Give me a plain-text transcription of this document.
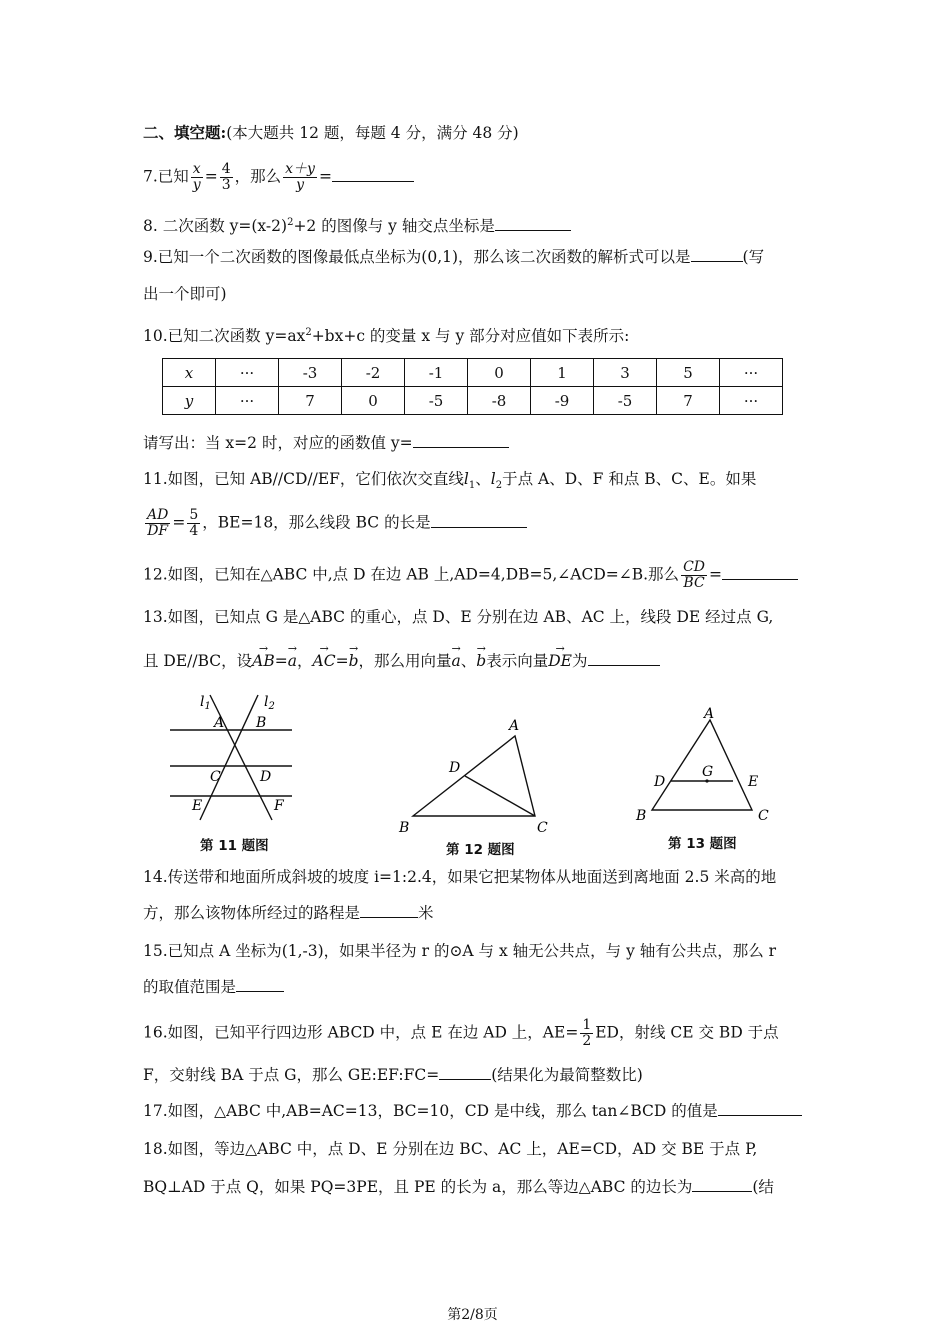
二、填空题:(本大题共 12 题，每题 4 分，满分 48 分)
7.已知 $\frac{x}{y} = \frac{4}{3}$ ，那么 $\frac{x+y}{y}$ =
8. 二次函数 $y=(x-2)^2+2$ 的图像与 y 轴交点坐标是
9.已知一个二次函数的图像最低点坐标为(0,1)，那么该二次函数的解析式可以是	(写
出一个即可)
10.已知二次函数 $y=ax^2+bx+c$ 的变量 x 与 y 部分对应值如下表所示:
x	···	-3	-2	-1	0	1	3	5	···
y	···	7	0	-5	-8	-9	-5	7	···
请写出：当 x=2 时，对应的函数值 y=
11.如图，已知 AB//CD//EF，它们依次交直线$l_1$、$l_2$于点 A、D、F 和点 B、C、E。如果
$\frac{AD}{DF} = \frac{5}{4}$ ，BE=18，那么线段 BC 的长是
12.如图，已知在△ABC 中,点 D 在边 AB 上,AD=4,DB=5,∠ACD=∠B.那么 $\frac{CD}{BC}$ =
13.如图，已知点 G 是△ABC 的重心，点 D、E 分别在边 AB、AC 上，线段 DE 经过点 G,
且 DE//BC，设→ AB=→ a，→ AC=→ b，那么用向量→ a、→ b表示向量→ DE为
$l_1$	$l_2$
A B
C	D
E	F
第 11 题图
A
B	C
D
第 12 题图
A
B	C
D	E
G
第 13 题图
14.传送带和地面所成斜坡的坡度 i=1:2.4，如果它把某物体从地面送到离地面 2.5 米高的地
方，那么该物体所经过的路程是	米
15.已知点 A 坐标为(1,-3)，如果半径为 r 的⊙A 与 x 轴无公共点，与 y 轴有公共点，那么 r
的取值范围是
16.如图，已知平行四边形 ABCD 中，点 E 在边 AD 上，$AE= \frac{1}{2}$ ED，射线 CE 交 BD 于点
F，交射线 BA 于点 G，那么 GE:EF:FC=	(结果化为最简整数比)
17.如图，△ABC 中,AB=AC=13，BC=10，CD 是中线，那么 tan∠BCD 的值是
18.如图，等边△ABC 中，点 D、E 分别在边 BC、AC 上，AE=CD，AD 交 BE 于点 P,
BQ⊥AD 于点 Q，如果 PQ=3PE，且 PE 的长为 a，那么等边△ABC 的边长为	(结
第2/8页
